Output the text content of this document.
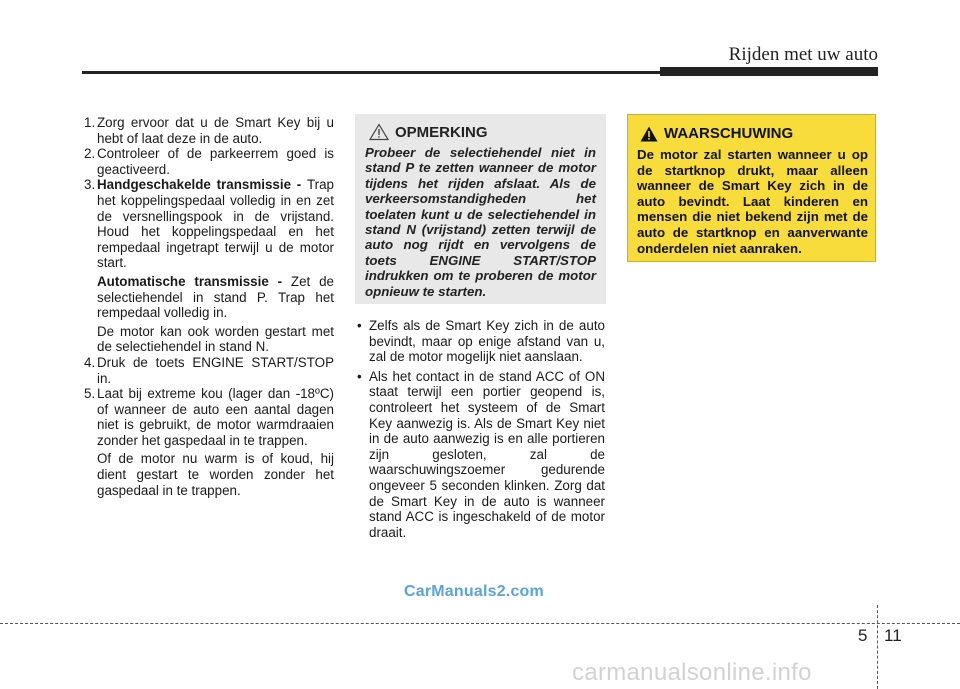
Rijden met uw auto
1. Zorg ervoor dat u de Smart Key bij u hebt of laat deze in de auto.
2. Controleer of de parkeerrem goed is geactiveerd.
3. Handgeschakelde transmissie - Trap het koppelingspedaal volledig in en zet de versnellingspook in de vrijstand. Houd het koppelingspedaal en het rempedaal ingetrapt terwijl u de motor start.
Automatische transmissie - Zet de selectiehendel in stand P. Trap het rempedaal volledig in.
De motor kan ook worden gestart met de selectiehendel in stand N.
4. Druk de toets ENGINE START/STOP in.
5. Laat bij extreme kou (lager dan -18ºC) of wanneer de auto een aantal dagen niet is gebruikt, de motor warmdraaien zonder het gaspedaal in te trappen.
Of de motor nu warm is of koud, hij dient gestart te worden zonder het gaspedaal in te trappen.
OPMERKING
Probeer de selectiehendel niet in stand P te zetten wanneer de motor tijdens het rijden afslaat. Als de verkeersomstandigheden het toelaten kunt u de selectiehendel in stand N (vrijstand) zetten terwijl de auto nog rijdt en vervolgens de toets ENGINE START/STOP indrukken om te proberen de motor opnieuw te starten.
• Zelfs als de Smart Key zich in de auto bevindt, maar op enige afstand van u, zal de motor mogelijk niet aanslaan.
• Als het contact in de stand ACC of ON staat terwijl een portier geopend is, controleert het systeem of de Smart Key aanwezig is. Als de Smart Key niet in de auto aanwezig is en alle portieren zijn gesloten, zal de waarschuwingszoemer gedurende ongeveer 5 seconden klinken. Zorg dat de Smart Key in de auto is wanneer stand ACC is ingeschakeld of de motor draait.
WAARSCHUWING
De motor zal starten wanneer u op de startknop drukt, maar alleen wanneer de Smart Key zich in de auto bevindt. Laat kinderen en mensen die niet bekend zijn met de auto de startknop en aanverwante onderdelen niet aanraken.
CarManuals2.com
5 11
carmanualsonline.info
